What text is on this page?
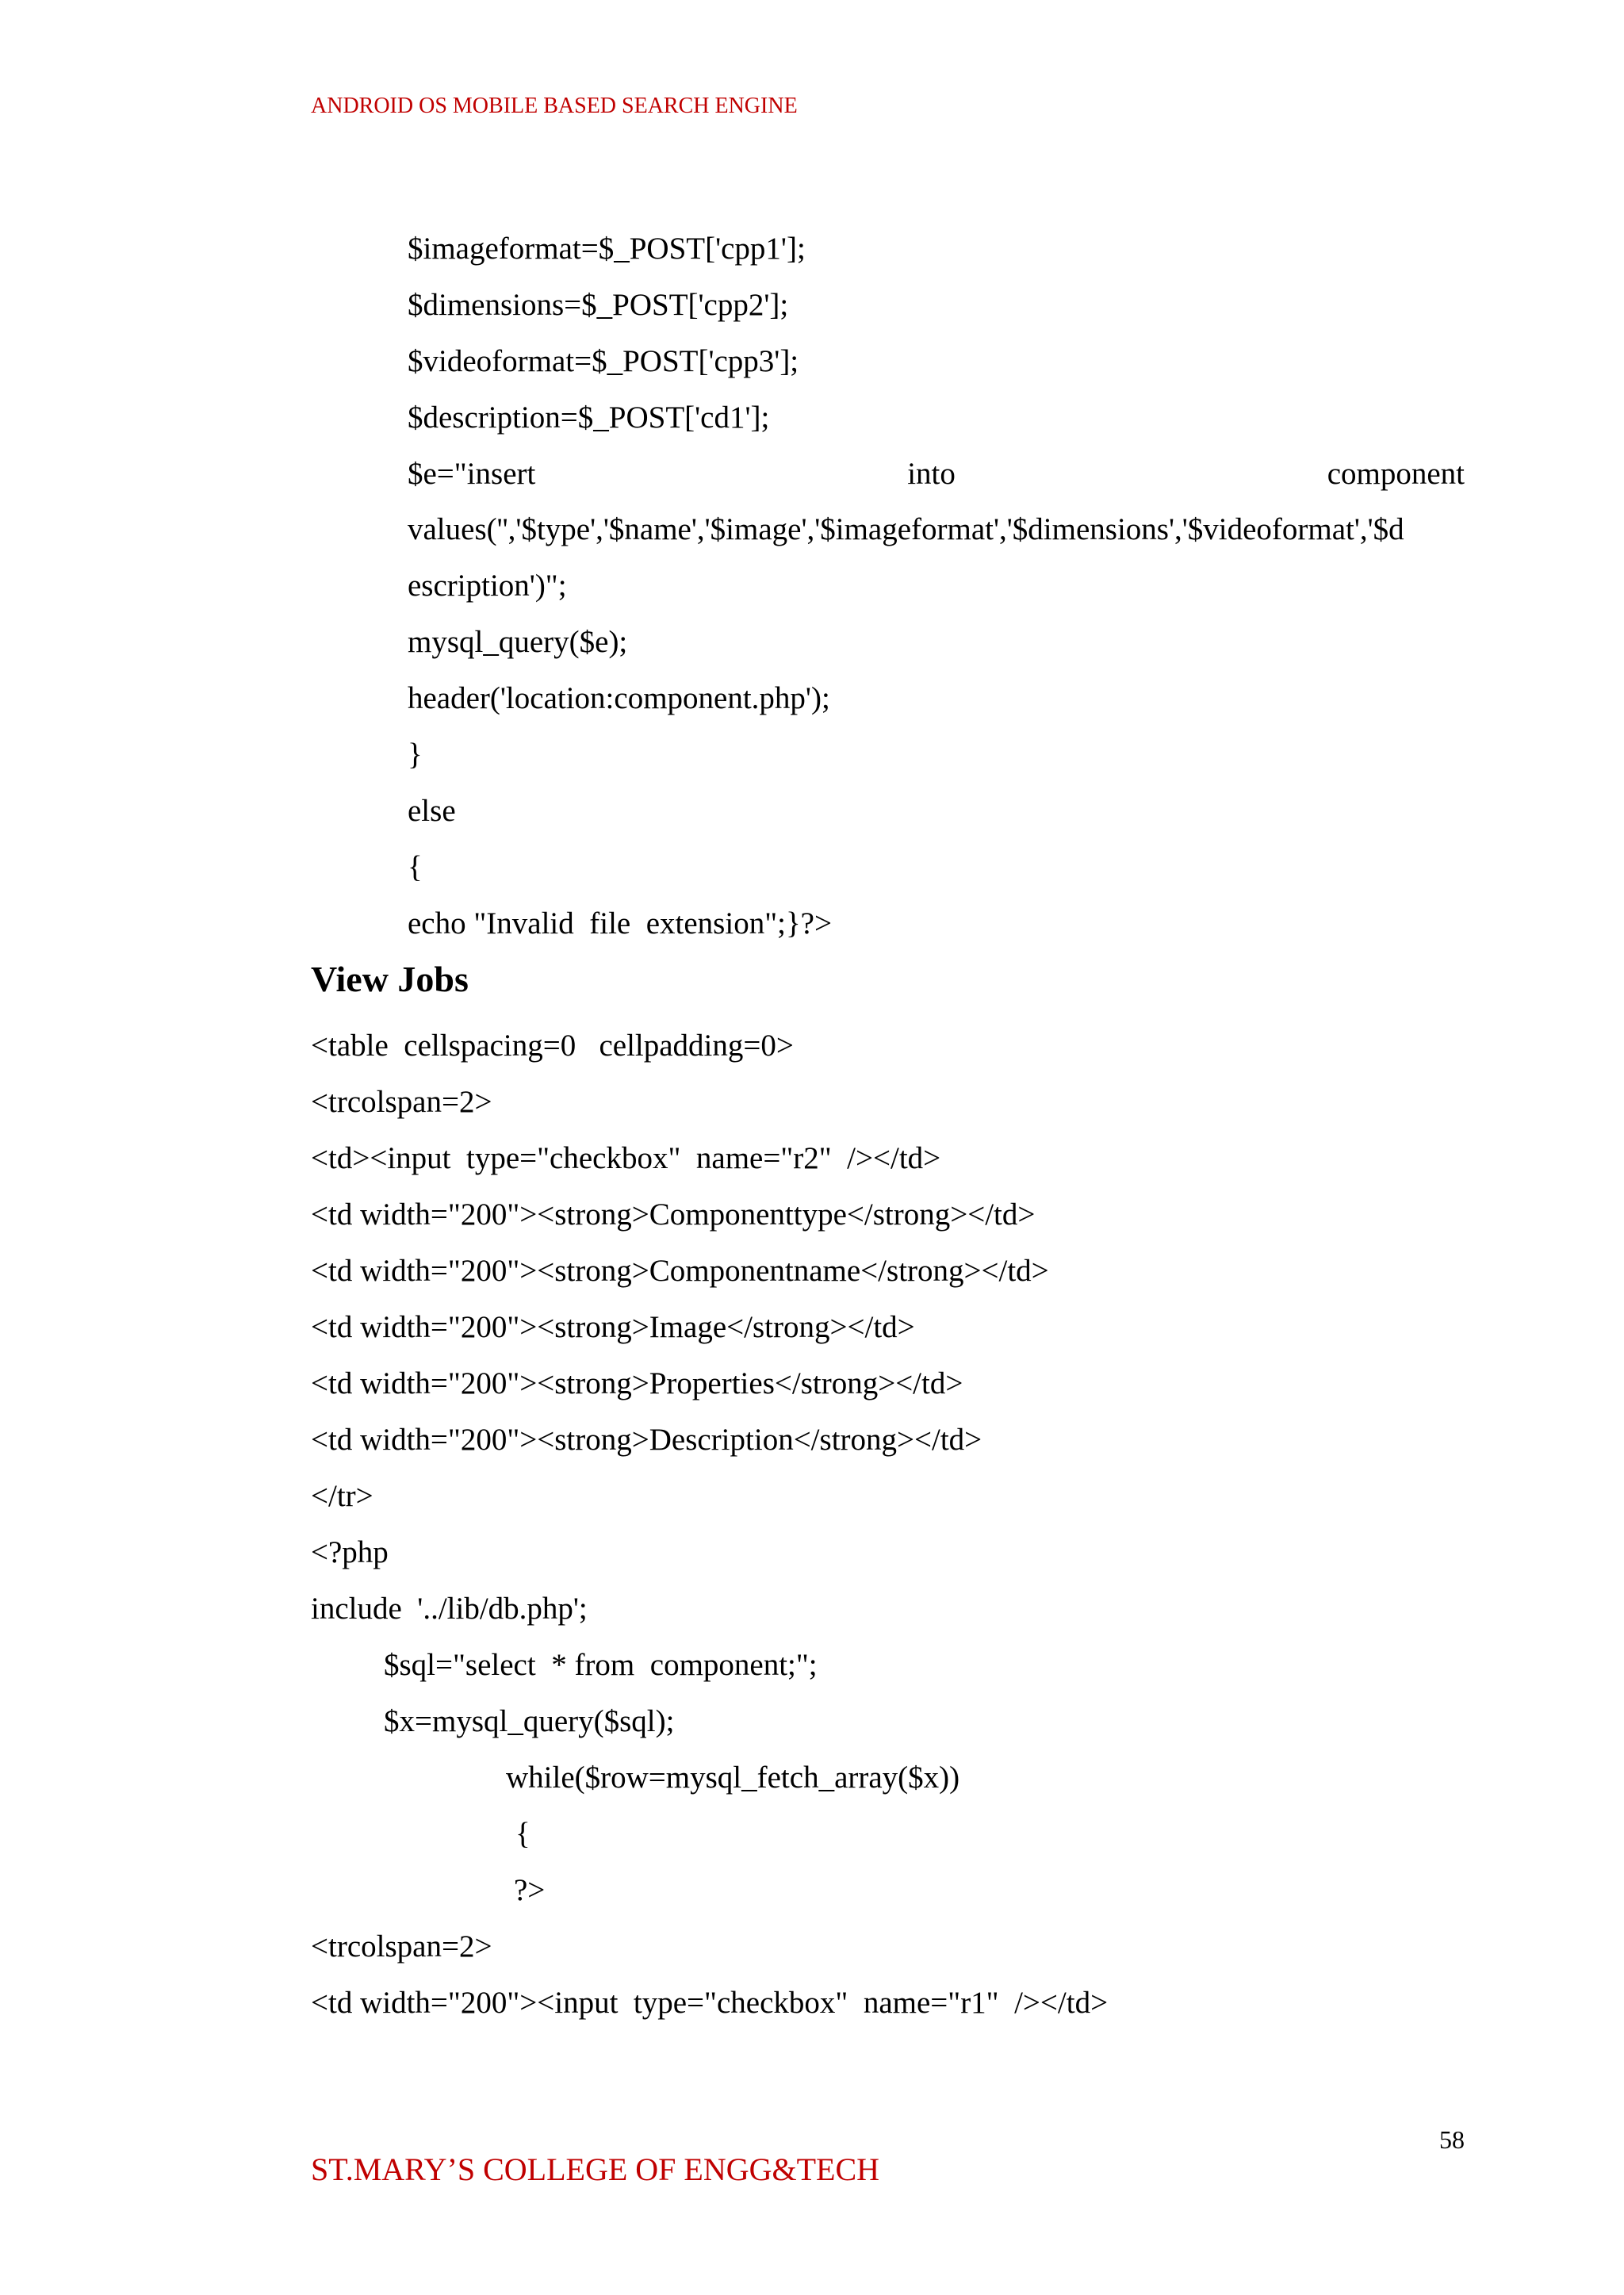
ANDROID OS MOBILE BASED SEARCH ENGINE
$imageformat=$_POST['cpp1'];
$dimensions=$_POST['cpp2'];
$videoformat=$_POST['cpp3'];
$description=$_POST['cd1'];
$e="insert	into	component
values('','$type','$name','$image','$imageformat','$dimensions','$videoformat','$d
escription')";
mysql_query($e);
header('location:component.php');
}
else
{
echo "Invalid  file  extension";}?>
View Jobs
<table  cellspacing=0   cellpadding=0>
<trcolspan=2>
<td><input  type="checkbox"  name="r2"  /></td>
<td width="200"><strong>Componenttype</strong></td>
<td width="200"><strong>Componentname</strong></td>
<td width="200"><strong>Image</strong></td>
<td width="200"><strong>Properties</strong></td>
<td width="200"><strong>Description</strong></td>
</tr>
<?php
include  '../lib/db.php';
$sql="select  * from  component;";
$x=mysql_query($sql);
while($row=mysql_fetch_array($x))
{
?>
<trcolspan=2>
<td width="200"><input  type="checkbox"  name="r1"  /></td>
58
ST.MARY’S COLLEGE OF ENGG&TECH
